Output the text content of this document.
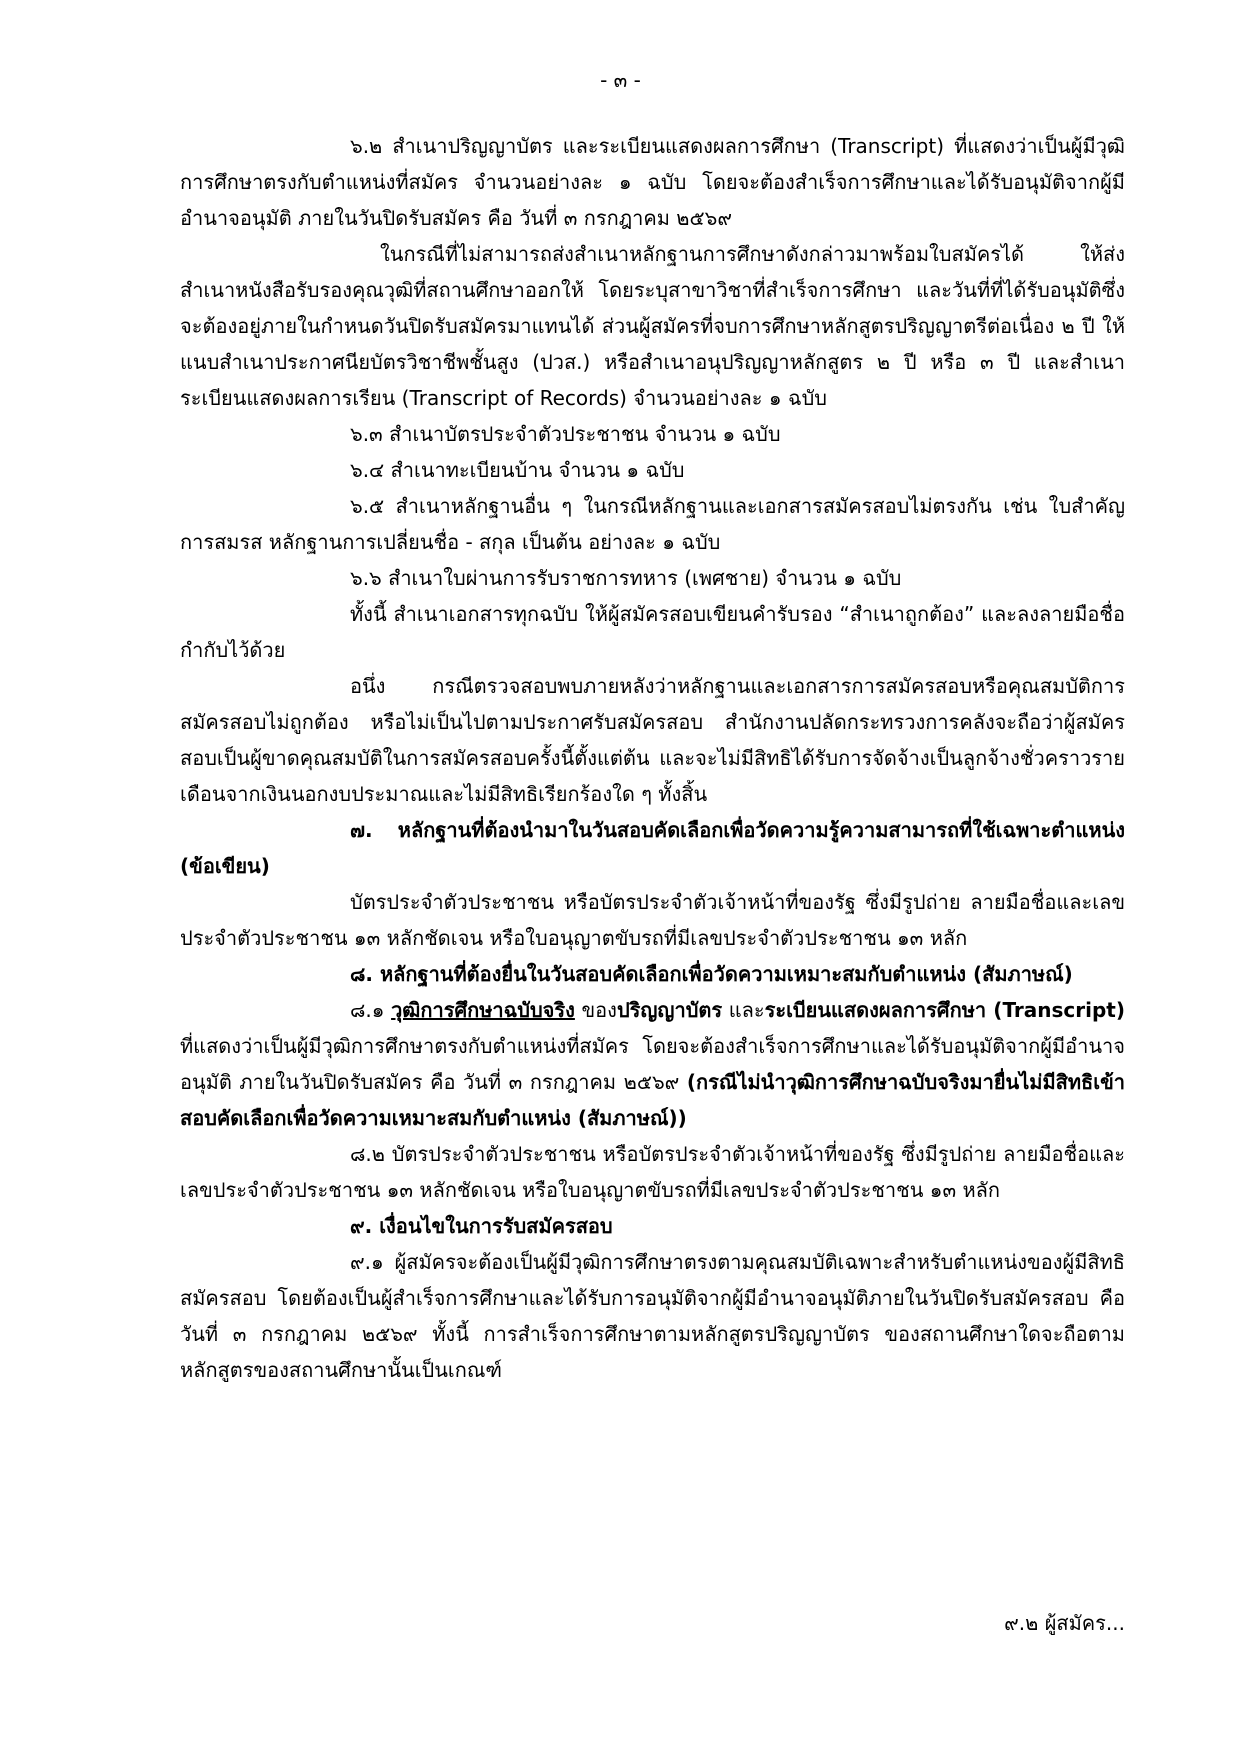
- ๓ -

๖.๒ สำเนาปริญญาบัตร และระเบียนแสดงผลการศึกษา (Transcript) ที่แสดงว่าเป็นผู้มีวุฒิการศึกษาตรงกับตำแหน่งที่สมัคร จำนวนอย่างละ ๑ ฉบับ โดยจะต้องสำเร็จการศึกษาและได้รับอนุมัติจากผู้มีอำนาจอนุมัติ ภายในวันปิดรับสมัคร คือ วันที่ ๓ กรกฎาคม ๒๕๖๙

ในกรณีที่ไม่สามารถส่งสำเนาหลักฐานการศึกษาดังกล่าวมาพร้อมใบสมัครได้ ให้ส่งสำเนาหนังสือรับรองคุณวุฒิที่สถานศึกษาออกให้ โดยระบุสาขาวิชาที่สำเร็จการศึกษา และวันที่ที่ได้รับอนุมัติซึ่งจะต้องอยู่ภายในกำหนดวันปิดรับสมัครมาแทนได้ ส่วนผู้สมัครที่จบการศึกษาหลักสูตรปริญญาตรีต่อเนื่อง ๒ ปี ให้แนบสำเนาประกาศนียบัตรวิชาชีพชั้นสูง (ปวส.) หรือสำเนาอนุปริญญาหลักสูตร ๒ ปี หรือ ๓ ปี และสำเนาระเบียนแสดงผลการเรียน (Transcript of Records) จำนวนอย่างละ ๑ ฉบับ

๖.๓ สำเนาบัตรประจำตัวประชาชน จำนวน ๑ ฉบับ

๖.๔ สำเนาทะเบียนบ้าน จำนวน ๑ ฉบับ

๖.๕ สำเนาหลักฐานอื่น ๆ ในกรณีหลักฐานและเอกสารสมัครสอบไม่ตรงกัน เช่น ใบสำคัญการสมรส หลักฐานการเปลี่ยนชื่อ - สกุล เป็นต้น อย่างละ ๑ ฉบับ

๖.๖ สำเนาใบผ่านการรับราชการทหาร (เพศชาย) จำนวน ๑ ฉบับ

ทั้งนี้ สำเนาเอกสารทุกฉบับ ให้ผู้สมัครสอบเขียนคำรับรอง “สำเนาถูกต้อง” และลงลายมือชื่อกำกับไว้ด้วย

อนึ่ง กรณีตรวจสอบพบภายหลังว่าหลักฐานและเอกสารการสมัครสอบหรือคุณสมบัติการสมัครสอบไม่ถูกต้อง หรือไม่เป็นไปตามประกาศรับสมัครสอบ สำนักงานปลัดกระทรวงการคลังจะถือว่าผู้สมัครสอบเป็นผู้ขาดคุณสมบัติในการสมัครสอบครั้งนี้ตั้งแต่ต้น และจะไม่มีสิทธิได้รับการจัดจ้างเป็นลูกจ้างชั่วคราวรายเดือนจากเงินนอกงบประมาณและไม่มีสิทธิเรียกร้องใด ๆ ทั้งสิ้น

๗. หลักฐานที่ต้องนำมาในวันสอบคัดเลือกเพื่อวัดความรู้ความสามารถที่ใช้เฉพาะตำแหน่ง (ข้อเขียน)

บัตรประจำตัวประชาชน หรือบัตรประจำตัวเจ้าหน้าที่ของรัฐ ซึ่งมีรูปถ่าย ลายมือชื่อและเลขประจำตัวประชาชน ๑๓ หลักชัดเจน หรือใบอนุญาตขับรถที่มีเลขประจำตัวประชาชน ๑๓ หลัก

๘. หลักฐานที่ต้องยื่นในวันสอบคัดเลือกเพื่อวัดความเหมาะสมกับตำแหน่ง (สัมภาษณ์)

๘.๑ วุฒิการศึกษาฉบับจริง ของปริญญาบัตร และระเบียนแสดงผลการศึกษา (Transcript) ที่แสดงว่าเป็นผู้มีวุฒิการศึกษาตรงกับตำแหน่งที่สมัคร โดยจะต้องสำเร็จการศึกษาและได้รับอนุมัติจากผู้มีอำนาจอนุมัติ ภายในวันปิดรับสมัคร คือ วันที่ ๓ กรกฎาคม ๒๕๖๙ (กรณีไม่นำวุฒิการศึกษาฉบับจริงมายื่นไม่มีสิทธิเข้าสอบคัดเลือกเพื่อวัดความเหมาะสมกับตำแหน่ง (สัมภาษณ์))

๘.๒ บัตรประจำตัวประชาชน หรือบัตรประจำตัวเจ้าหน้าที่ของรัฐ ซึ่งมีรูปถ่าย ลายมือชื่อและเลขประจำตัวประชาชน ๑๓ หลักชัดเจน หรือใบอนุญาตขับรถที่มีเลขประจำตัวประชาชน ๑๓ หลัก

๙. เงื่อนไขในการรับสมัครสอบ

๙.๑ ผู้สมัครจะต้องเป็นผู้มีวุฒิการศึกษาตรงตามคุณสมบัติเฉพาะสำหรับตำแหน่งของผู้มีสิทธิสมัครสอบ โดยต้องเป็นผู้สำเร็จการศึกษาและได้รับการอนุมัติจากผู้มีอำนาจอนุมัติภายในวันปิดรับสมัครสอบ คือ วันที่ ๓ กรกฎาคม ๒๕๖๙ ทั้งนี้ การสำเร็จการศึกษาตามหลักสูตรปริญญาบัตร ของสถานศึกษาใดจะถือตามหลักสูตรของสถานศึกษานั้นเป็นเกณฑ์

๙.๒ ผู้สมัคร...
